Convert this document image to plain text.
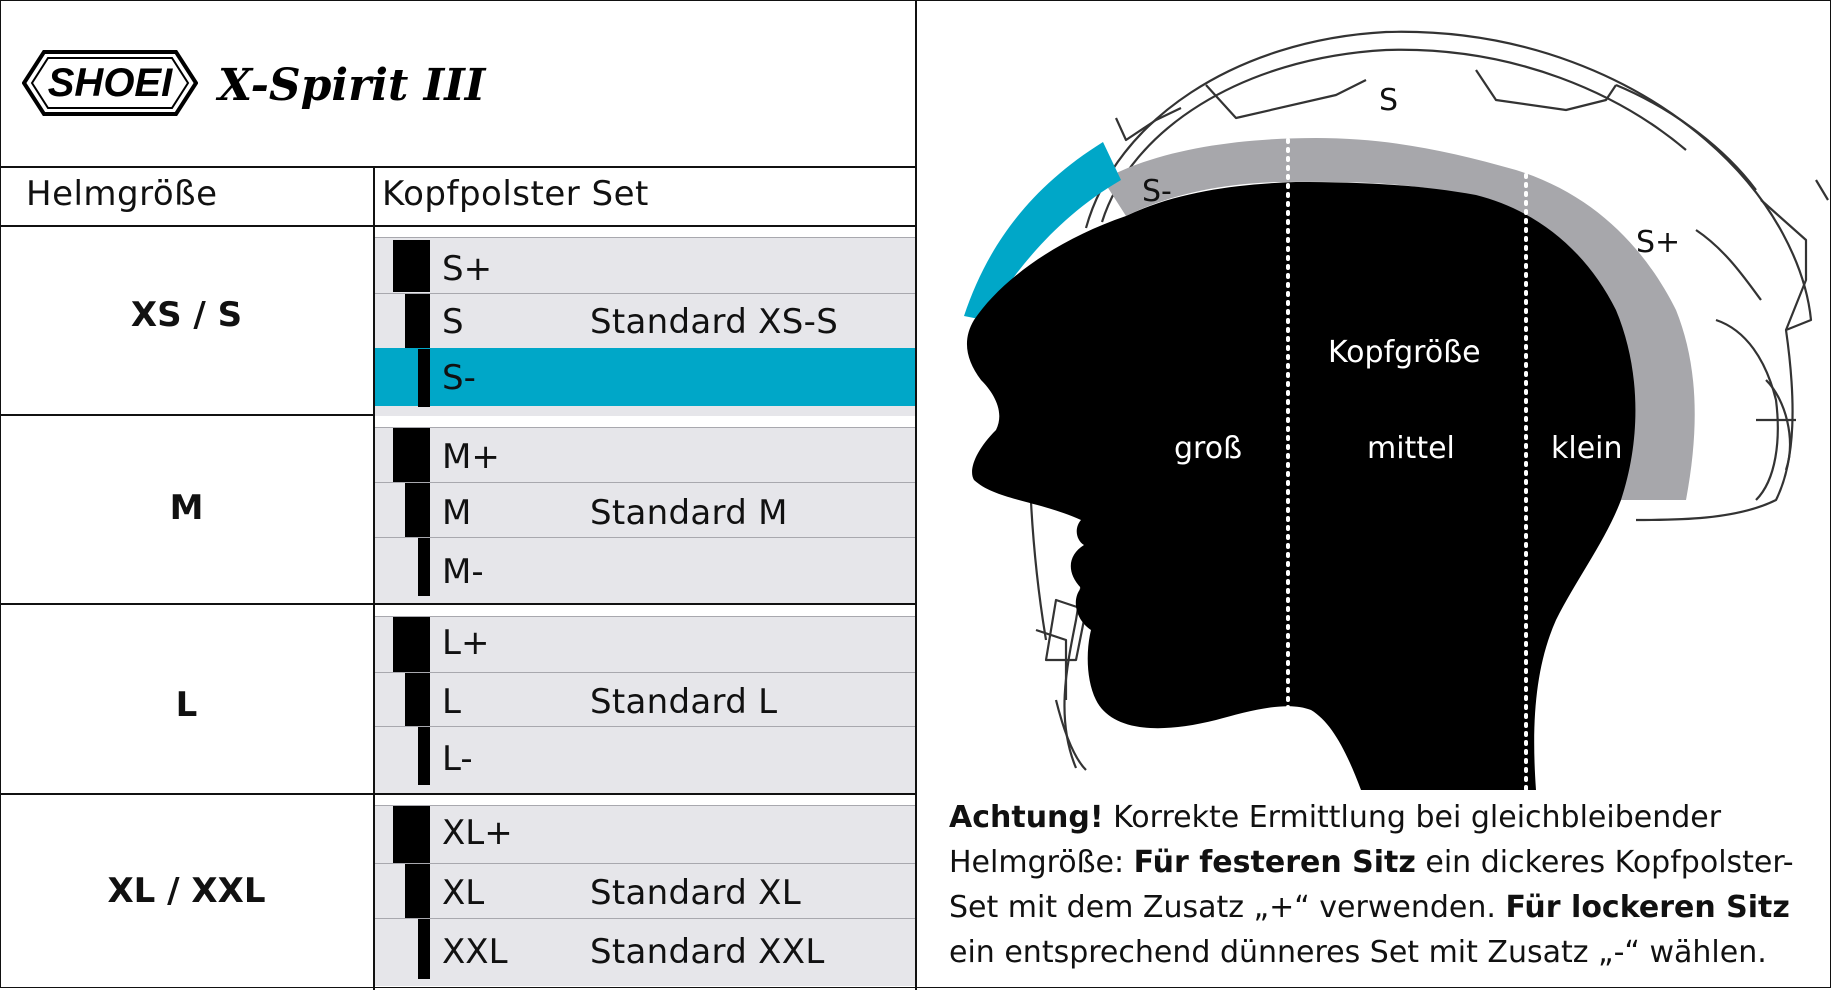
SHOEI X-Spirit III
Helmgröße	Kopfpolster Set
XS / S
S+
S	Standard XS-S
S-
M
M+
M	Standard M
M-
L
L+
L	Standard L
L-
XL / XXL
XL+
XL	Standard XL
XXL Standard XXL
S-
S
S+
Kopfgröße
groß	mittel	klein
Achtung! Korrekte Ermittlung bei gleichbleibender Helmgröße: Für festeren Sitz ein dickeres Kopfpolster-Set mit dem Zusatz „+“ verwenden. Für lockeren Sitz ein entsprechend dünneres Set mit Zusatz „-“ wählen.
